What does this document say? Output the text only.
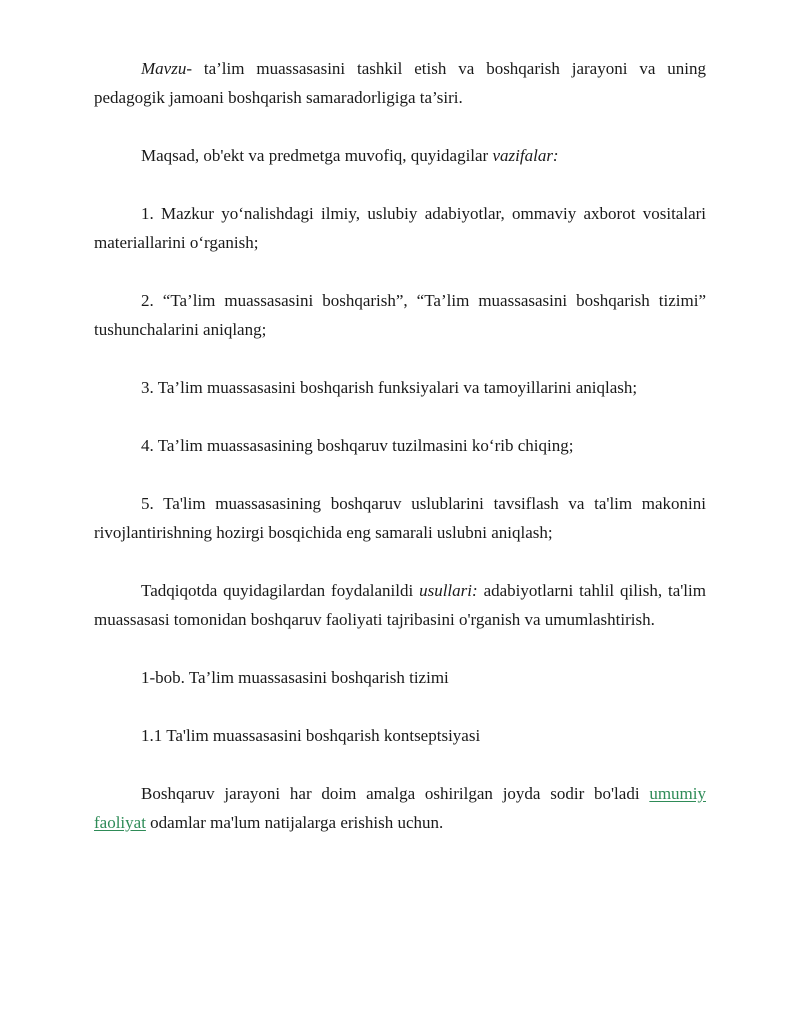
Mavzu- ta’lim muassasasini tashkil etish va boshqarish jarayoni va uning pedagogik jamoani boshqarish samaradorligiga ta’siri.

Maqsad, ob'ekt va predmetga muvofiq, quyidagilar vazifalar:

1. Mazkur yo‘nalishdagi ilmiy, uslubiy adabiyotlar, ommaviy axborot vositalari materiallarini o‘rganish;

2. “Ta’lim muassasasini boshqarish”, “Ta’lim muassasasini boshqarish tizimi” tushunchalarini aniqlang;

3. Ta’lim muassasasini boshqarish funksiyalari va tamoyillarini aniqlash;

4. Ta’lim muassasasining boshqaruv tuzilmasini ko‘rib chiqing;

5. Ta'lim muassasasining boshqaruv uslublarini tavsiflash va ta'lim makonini rivojlantirishning hozirgi bosqichida eng samarali uslubni aniqlash;

Tadqiqotda quyidagilardan foydalanildi usullari: adabiyotlarni tahlil qilish, ta'lim muassasasi tomonidan boshqaruv faoliyati tajribasini o'rganish va umumlashtirish.

1-bob. Ta’lim muassasasini boshqarish tizimi

1.1 Ta'lim muassasasini boshqarish kontseptsiyasi

Boshqaruv jarayoni har doim amalga oshirilgan joyda sodir bo'ladi umumiy faoliyat odamlar ma'lum natijalarga erishish uchun.
